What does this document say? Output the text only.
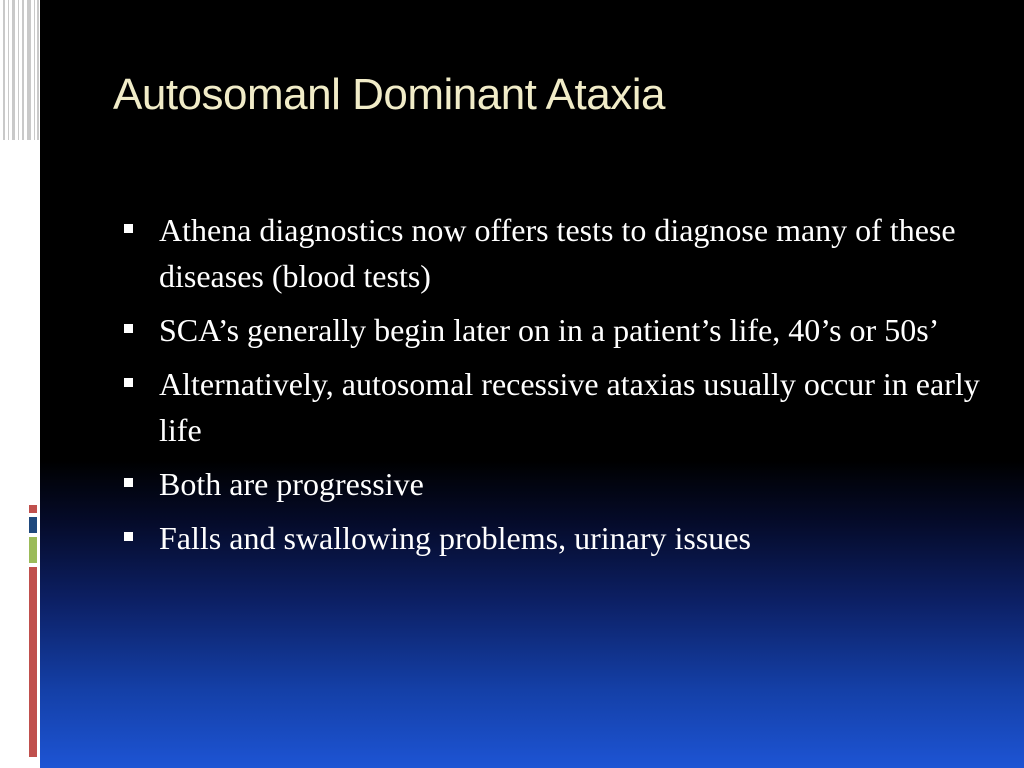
Autosomanl Dominant Ataxia
Athena diagnostics now offers tests to diagnose many of these diseases (blood tests)
SCA’s generally begin later on in a patient’s life, 40’s or 50s’
Alternatively, autosomal recessive ataxias usually occur in early life
Both are progressive
Falls and swallowing problems, urinary issues
